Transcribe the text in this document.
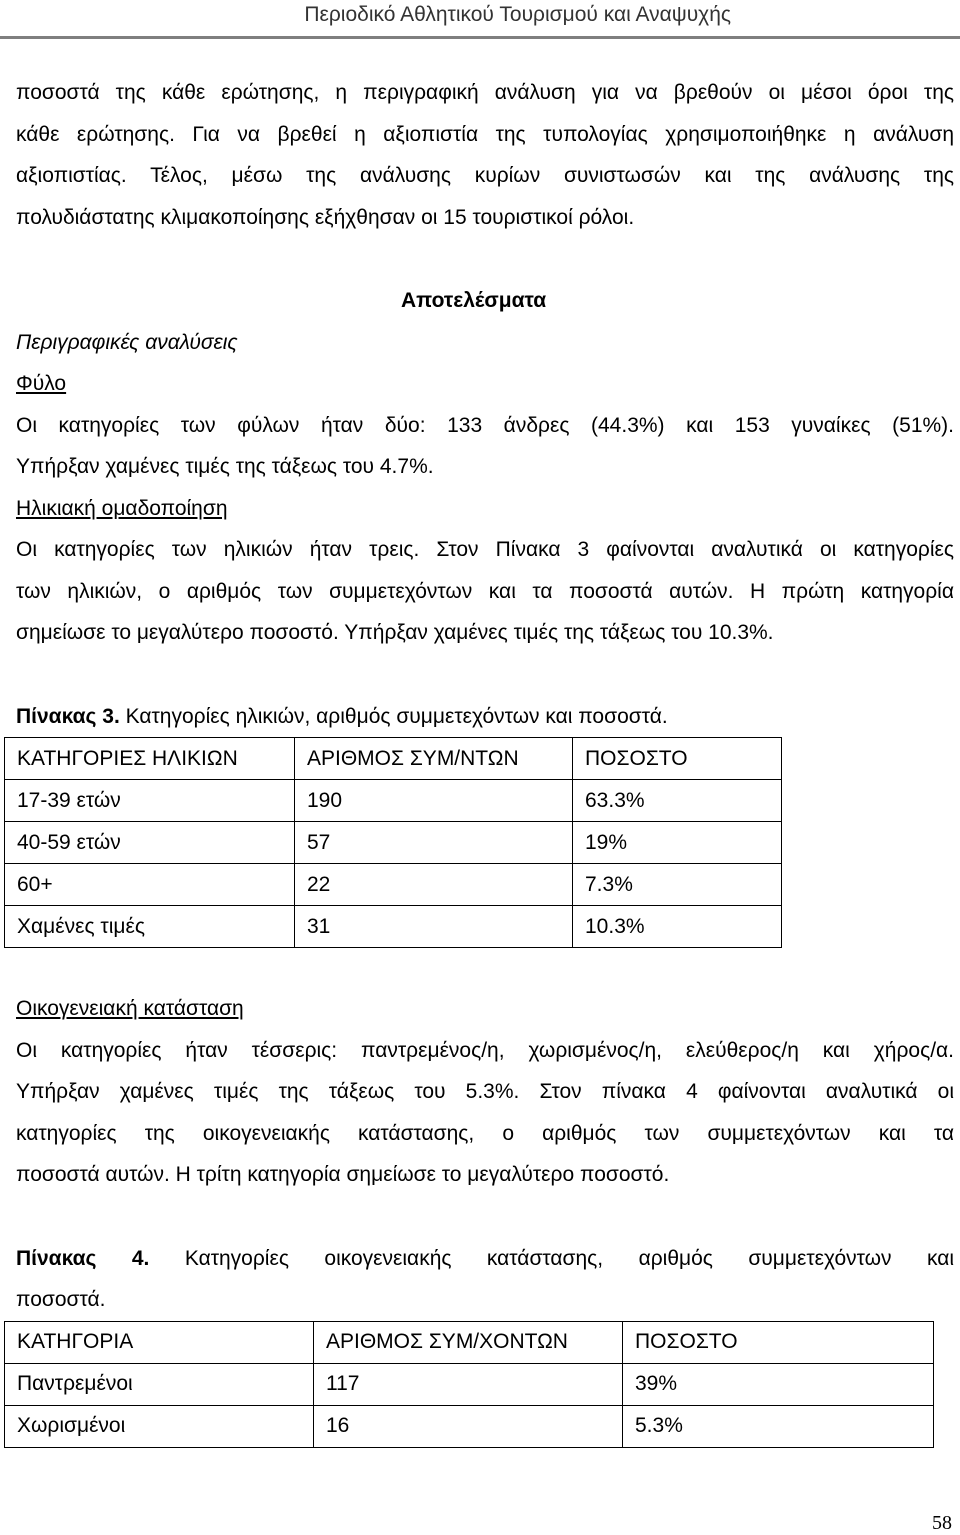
Περιοδικό Αθλητικού Τουρισμού και Αναψυχής
ποσοστά της κάθε ερώτησης, η περιγραφική ανάλυση για να βρεθούν οι μέσοι όροι της
κάθε ερώτησης. Για να βρεθεί η αξιοπιστία της τυπολογίας χρησιμοποιήθηκε η ανάλυση
αξιοπιστίας. Τέλος, μέσω της ανάλυσης κυρίων συνιστωσών και της ανάλυσης της
πολυδιάστατης κλιμακοποίησης εξήχθησαν οι 15 τουριστικοί ρόλοι.
Αποτελέσματα
Περιγραφικές αναλύσεις
Φύλο
Οι κατηγορίες των φύλων ήταν δύο: 133 άνδρες (44.3%) και 153 γυναίκες (51%).
Υπήρξαν χαμένες τιμές της τάξεως του 4.7%.
Ηλικιακή ομαδοποίηση
Οι κατηγορίες των ηλικιών ήταν τρεις. Στον Πίνακα 3 φαίνονται αναλυτικά οι κατηγορίες
των ηλικιών, ο αριθμός των συμμετεχόντων και τα ποσοστά αυτών. Η πρώτη κατηγορία
σημείωσε το μεγαλύτερο ποσοστό. Υπήρξαν χαμένες τιμές της τάξεως του 10.3%.
Πίνακας 3. Κατηγορίες ηλικιών, αριθμός συμμετεχόντων και ποσοστά.
ΚΑΤΗΓΟΡΙΕΣ ΗΛΙΚΙΩΝ	ΑΡΙΘΜΟΣ ΣΥΜ/ΝΤΩΝ	ΠΟΣΟΣΤΟ
17-39 ετών	190	63.3%
40-59 ετών	57	19%
60+	22	7.3%
Χαμένες τιμές	31	10.3%
Οικογενειακή κατάσταση
Οι κατηγορίες ήταν τέσσερις: παντρεμένος/η, χωρισμένος/η, ελεύθερος/η και χήρος/α.
Υπήρξαν χαμένες τιμές της τάξεως του 5.3%. Στον πίνακα 4 φαίνονται αναλυτικά οι
κατηγορίες της οικογενειακής κατάστασης, ο αριθμός των συμμετεχόντων και τα
ποσοστά αυτών. Η τρίτη κατηγορία σημείωσε το μεγαλύτερο ποσοστό.
Πίνακας 4. Κατηγορίες οικογενειακής κατάστασης, αριθμός συμμετεχόντων και
ποσοστά.
ΚΑΤΗΓΟΡΙΑ	ΑΡΙΘΜΟΣ ΣΥΜ/ΧΟΝΤΩΝ	ΠΟΣΟΣΤΟ
Παντρεμένοι	117	39%
Χωρισμένοι	16	5.3%
58
